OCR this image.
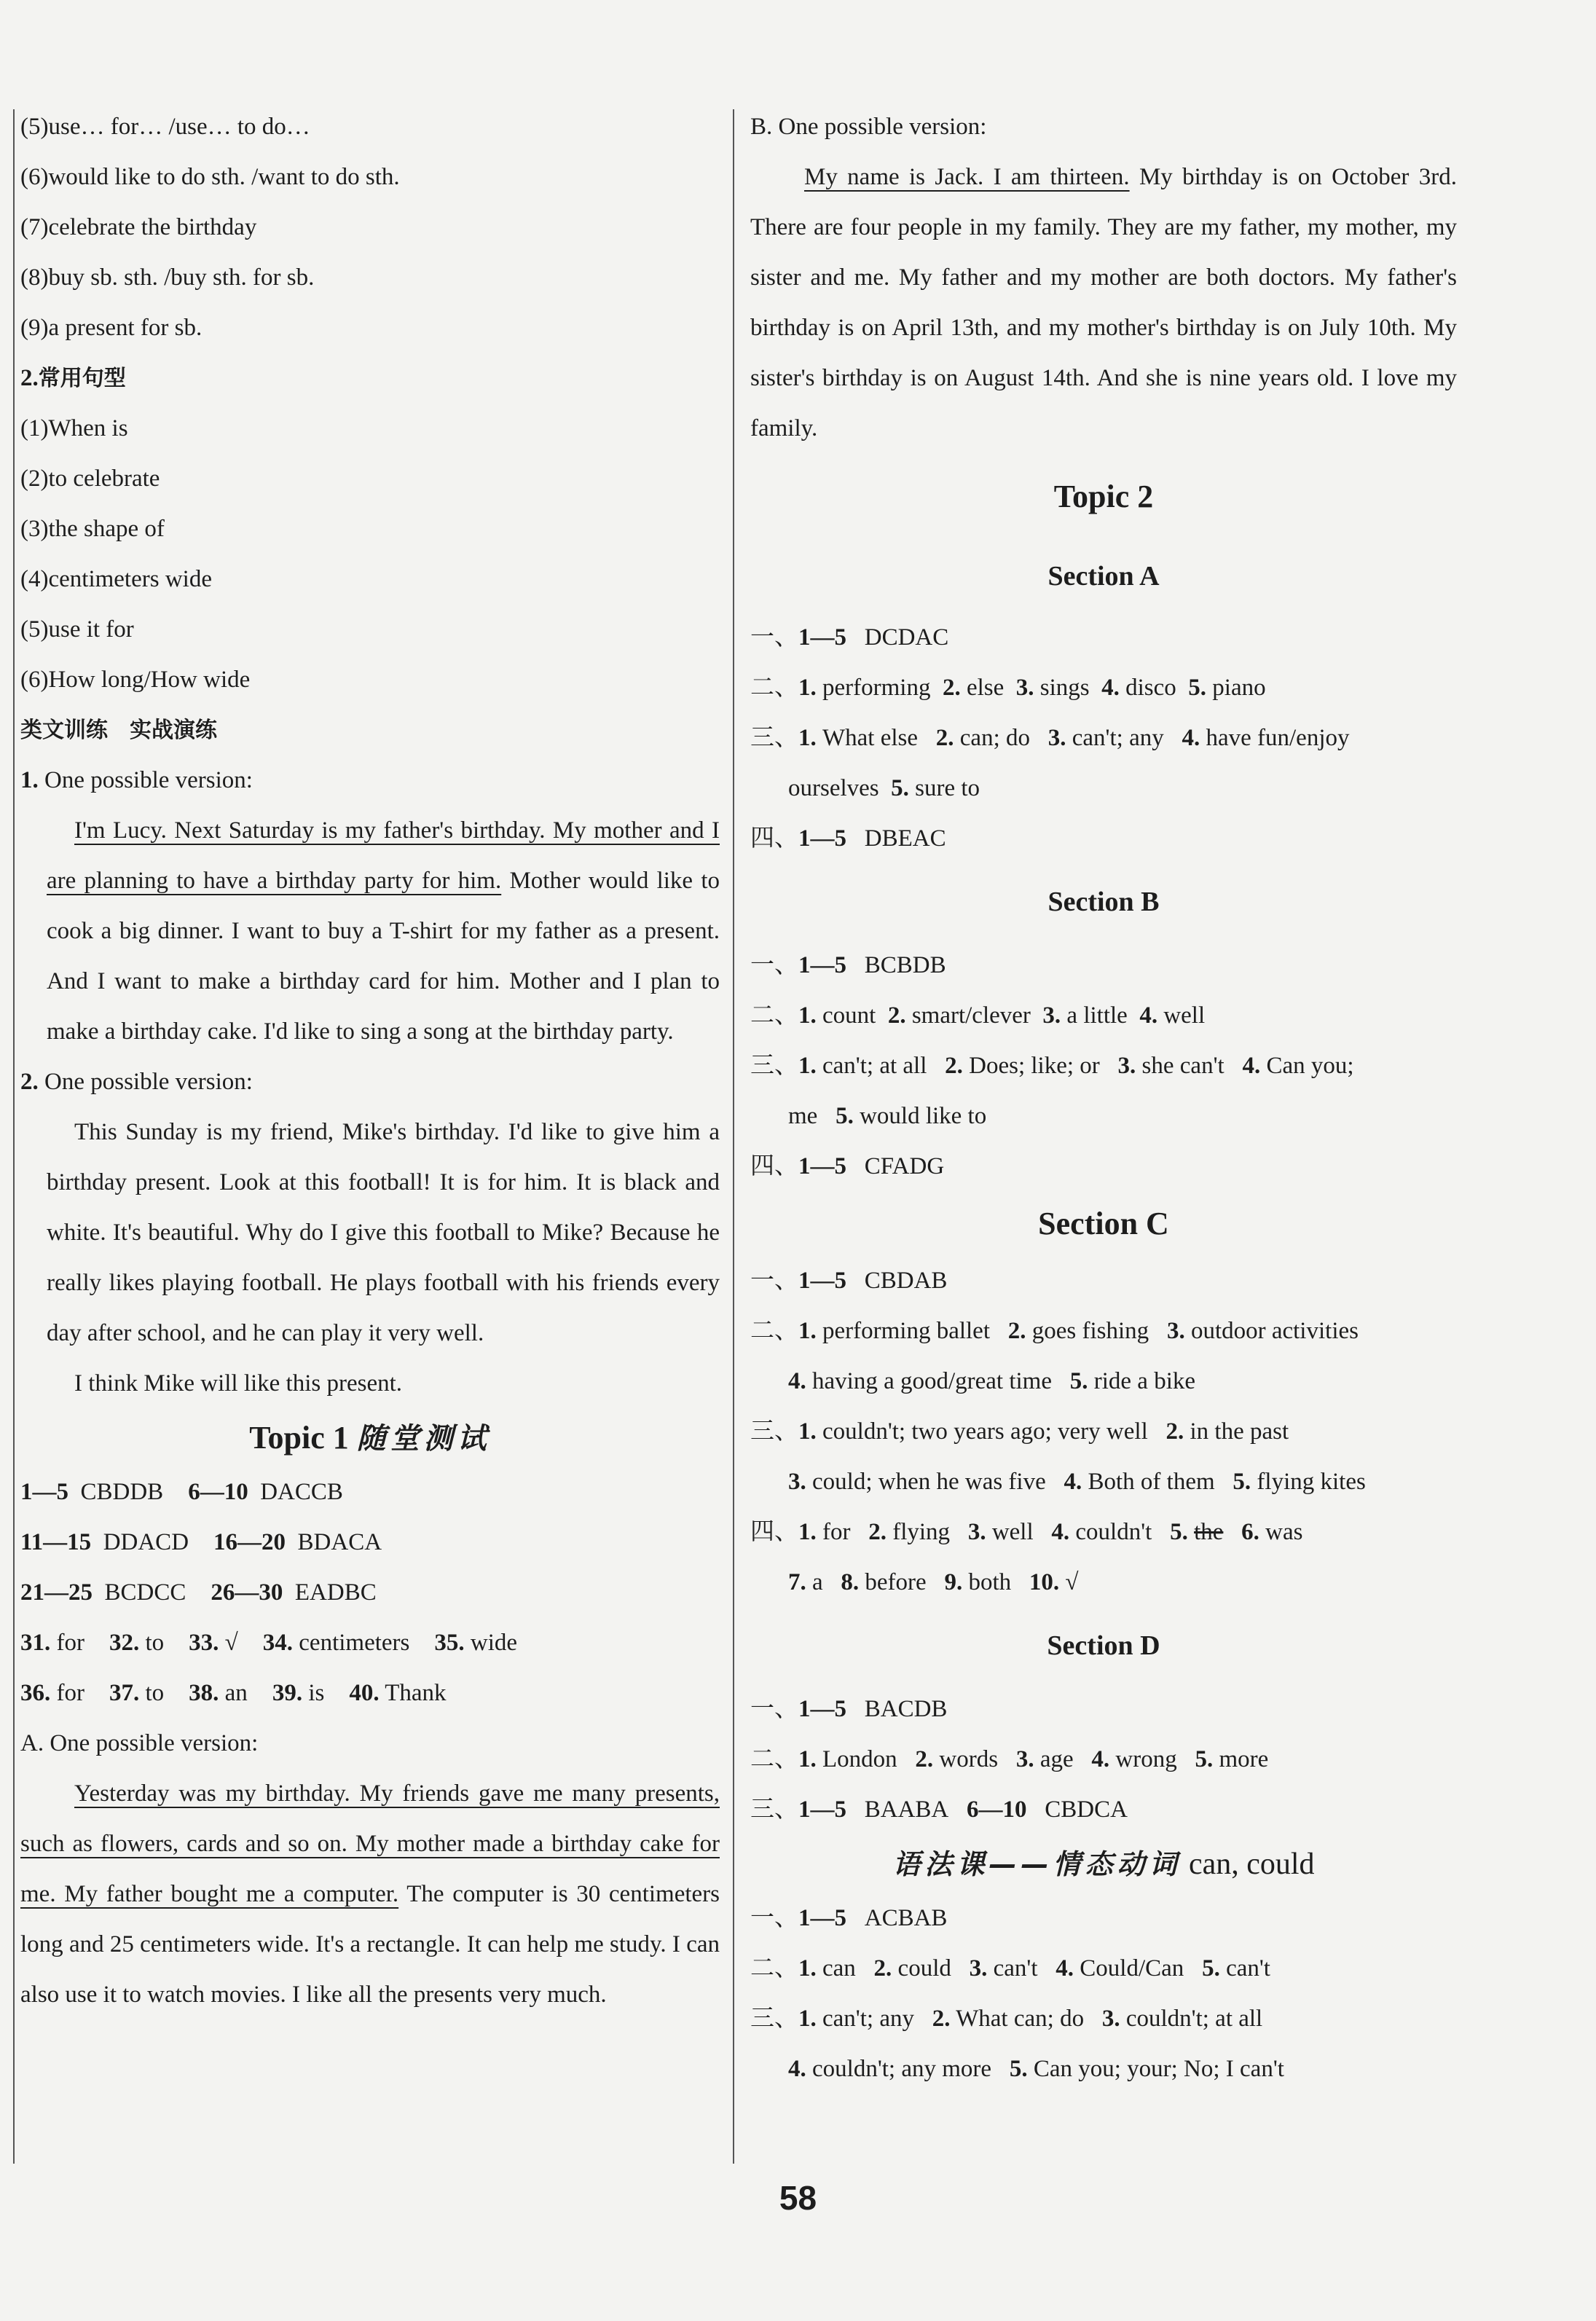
(5)use… for… /use… to do…
(6)would like to do sth. /want to do sth.
(7)celebrate the birthday
(8)buy sb. sth. /buy sth. for sb.
(9)a present for sb.
2.常用句型
(1)When is
(2)to celebrate
(3)the shape of
(4)centimeters wide
(5)use it for
(6)How long/How wide
类文训练　实战演练
1. One possible version:
I'm Lucy. Next Saturday is my father's birthday. My mother and I are planning to have a birthday party for him. Mother would like to cook a big dinner. I want to buy a T-shirt for my father as a present. And I want to make a birthday card for him. Mother and I plan to make a birthday cake. I'd like to sing a song at the birthday party.
2. One possible version:
This Sunday is my friend, Mike's birthday. I'd like to give him a birthday present. Look at this football! It is for him. It is black and white. It's beautiful. Why do I give this football to Mike? Because he really likes playing football. He plays football with his friends every day after school, and he can play it very well.
I think Mike will like this present.
Topic 1 随堂测试
1—5 CBDDB 6—10 DACCB
11—15 DDACD 16—20 BDACA
21—25 BCDCC 26—30 EADBC
31. for 32. to 33. √ 34. centimeters 35. wide
36. for 37. to 38. an 39. is 40. Thank
A. One possible version:
Yesterday was my birthday. My friends gave me many presents, such as flowers, cards and so on. My mother made a birthday cake for me. My father bought me a computer. The computer is 30 centimeters long and 25 centimeters wide. It's a rectangle. It can help me study. I can also use it to watch movies. I like all the presents very much.
B. One possible version:
My name is Jack. I am thirteen. My birthday is on October 3rd. There are four people in my family. They are my father, my mother, my sister and me. My father and my mother are both doctors. My father's birthday is on April 13th, and my mother's birthday is on July 10th. My sister's birthday is on August 14th. And she is nine years old. I love my family.
Topic 2
Section A
一、1—5 DCDAC
二、1. performing 2. else 3. sings 4. disco 5. piano
三、1. What else 2. can; do 3. can't; any 4. have fun/enjoy
ourselves 5. sure to
四、1—5 DBEAC
Section B
一、1—5 BCBDB
二、1. count 2. smart/clever 3. a little 4. well
三、1. can't; at all 2. Does; like; or 3. she can't 4. Can you;
me 5. would like to
四、1—5 CFADG
Section C
一、1—5 CBDAB
二、1. performing ballet 2. goes fishing 3. outdoor activities
4. having a good/great time 5. ride a bike
三、1. couldn't; two years ago; very well 2. in the past
3. could; when he was five 4. Both of them 5. flying kites
四、1. for 2. flying 3. well 4. couldn't 5. the 6. was
7. a 8. before 9. both 10. √
Section D
一、1—5 BACDB
二、1. London 2. words 3. age 4. wrong 5. more
三、1—5 BAABA 6—10 CBDCA
语法课——情态动词 can, could
一、1—5 ACBAB
二、1. can 2. could 3. can't 4. Could/Can 5. can't
三、1. can't; any 2. What can; do 3. couldn't; at all
4. couldn't; any more 5. Can you; your; No; I can't
58
